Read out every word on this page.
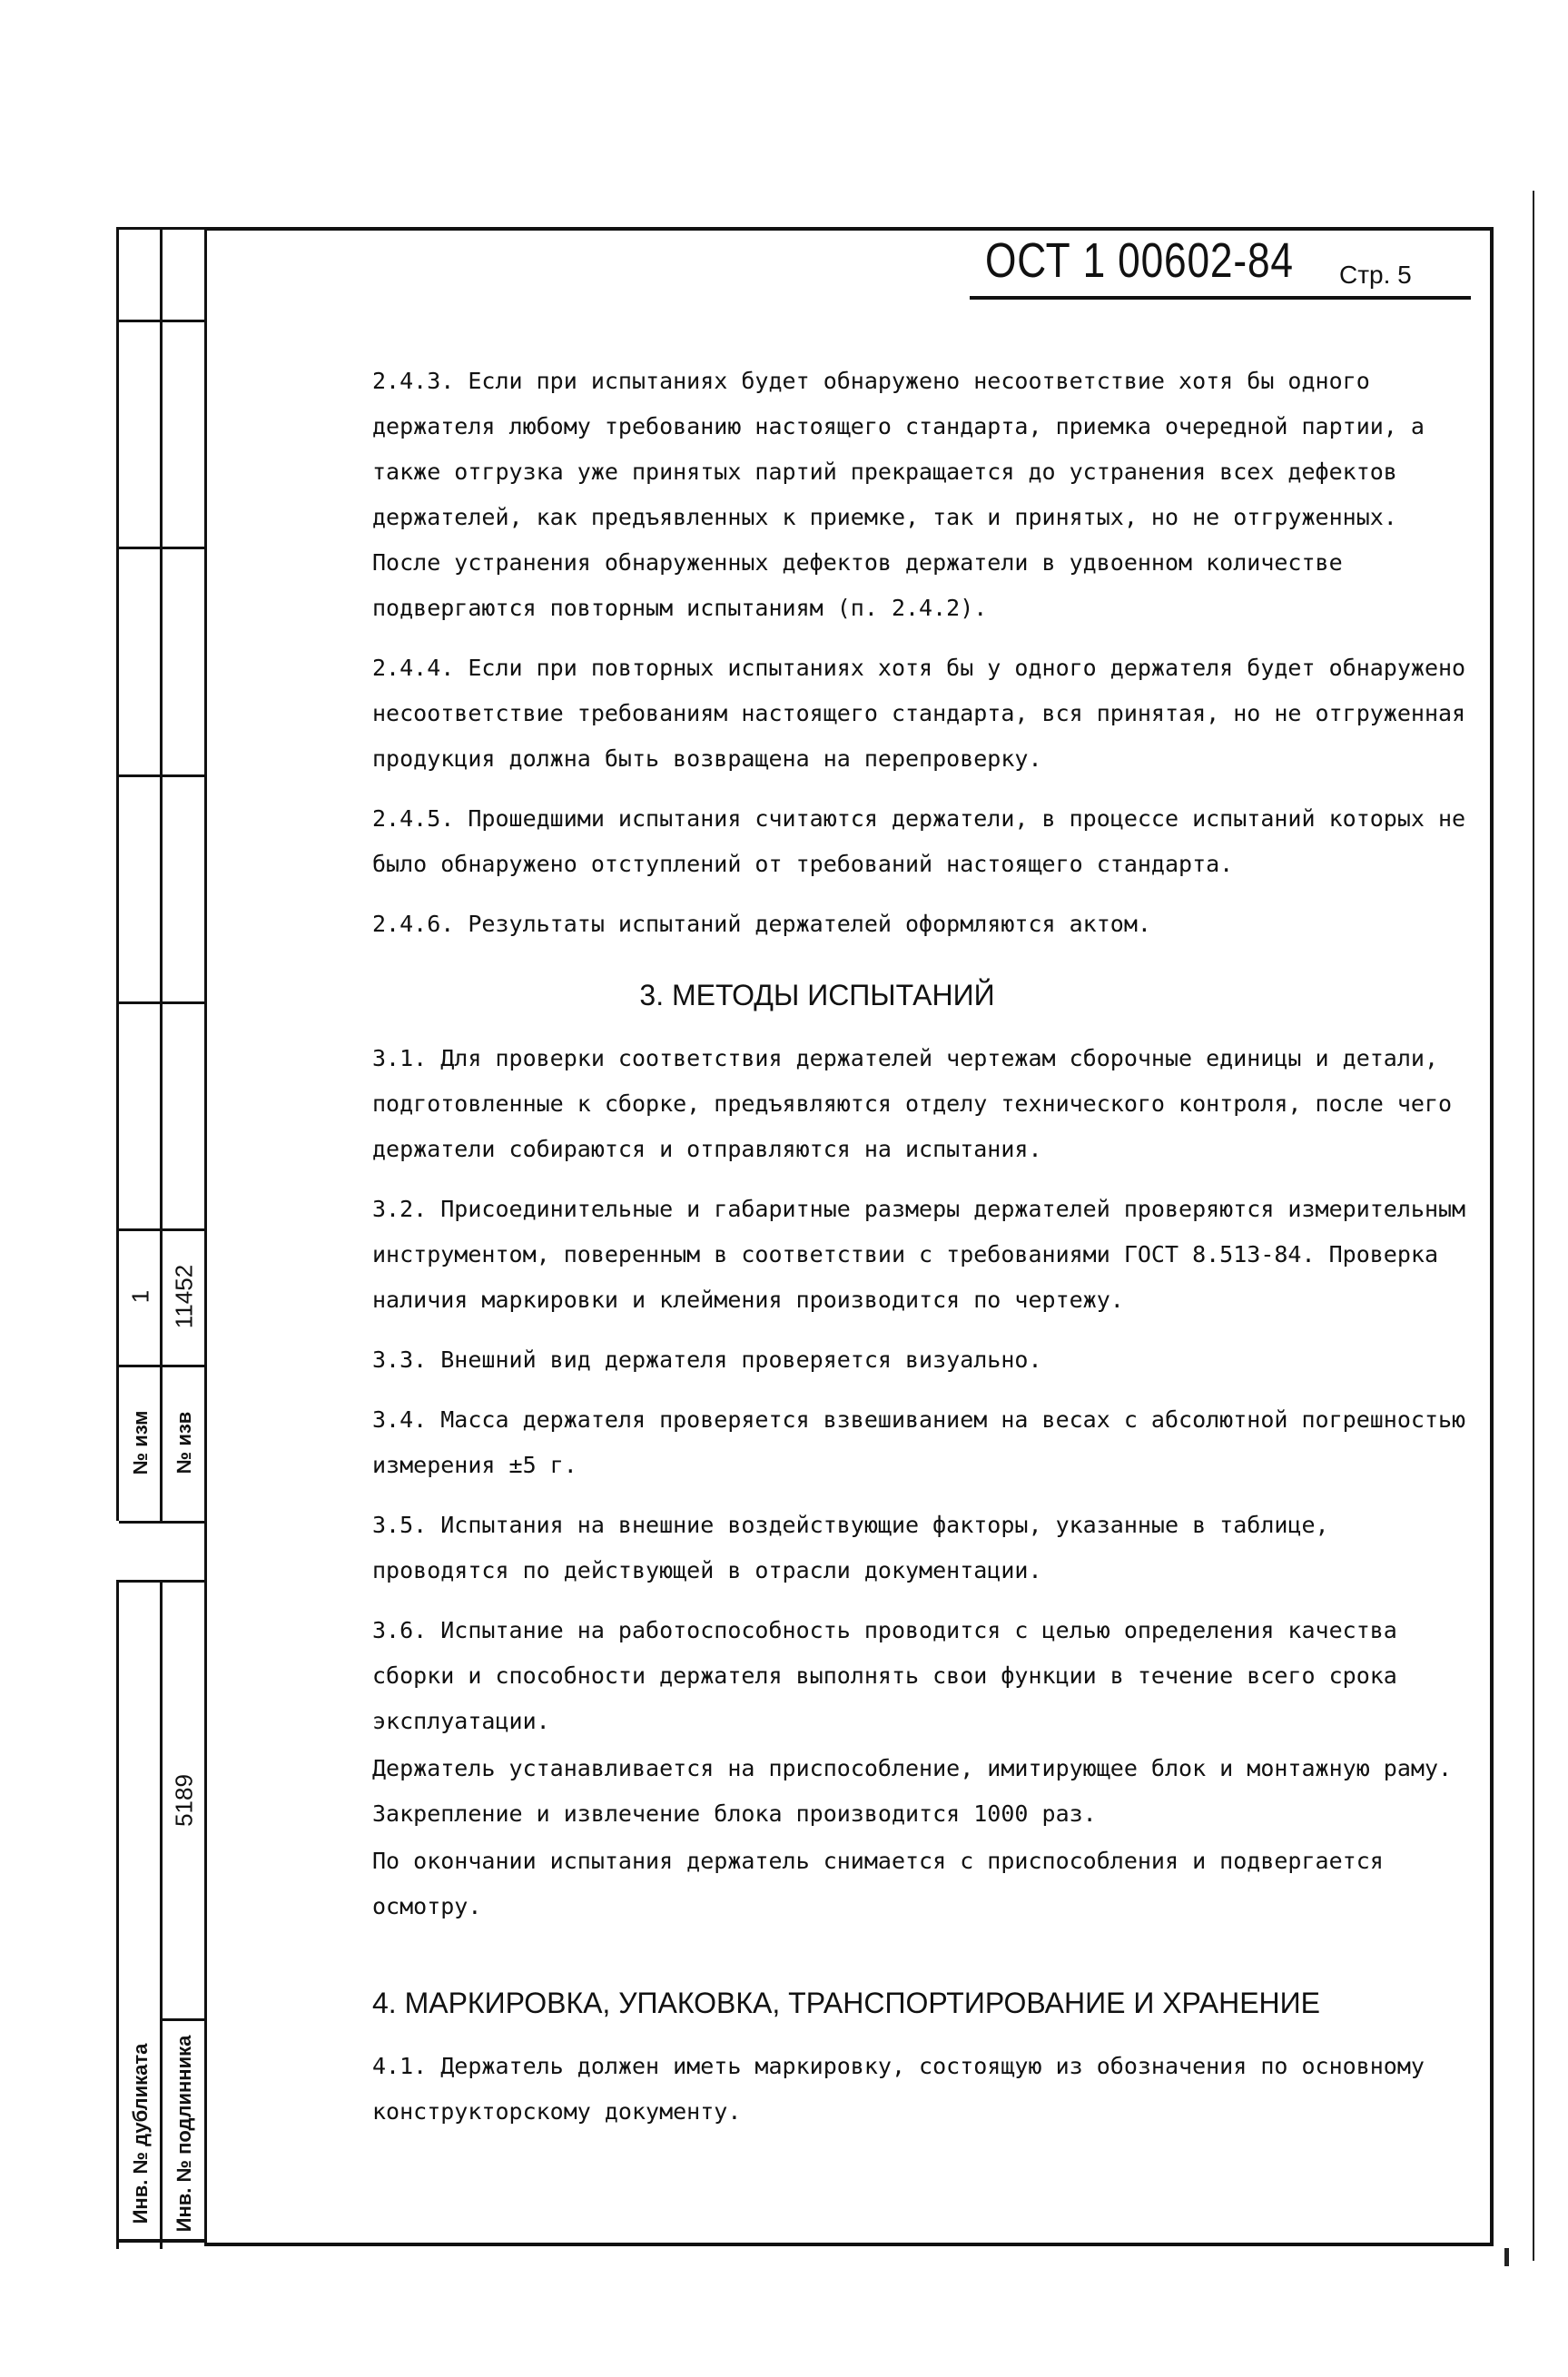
ОСТ 1 00602-84 Стр. 5

2.4.3. Если при испытаниях будет обнаружено несоответствие хотя бы одного держателя любому требованию настоящего стандарта, приемка очередной партии, а также отгрузка уже принятых партий прекращается до устранения всех дефектов держателей, как предъявленных к приемке, так и принятых, но не отгруженных. После устранения обнаруженных дефектов держатели в удвоенном количестве подвергаются повторным испытаниям (п. 2.4.2).

2.4.4. Если при повторных испытаниях хотя бы у одного держателя будет обнаружено несоответствие требованиям настоящего стандарта, вся принятая, но не отгруженная продукция должна быть возвращена на перепроверку.

2.4.5. Прошедшими испытания считаются держатели, в процессе испытаний которых не было обнаружено отступлений от требований настоящего стандарта.

2.4.6. Результаты испытаний держателей оформляются актом.

3. МЕТОДЫ ИСПЫТАНИЙ

3.1. Для проверки соответствия держателей чертежам сборочные единицы и детали, подготовленные к сборке, предъявляются отделу технического контроля, после чего держатели собираются и отправляются на испытания.

3.2. Присоединительные и габаритные размеры держателей проверяются измерительным инструментом, поверенным в соответствии с требованиями ГОСТ 8.513-84. Проверка наличия маркировки и клеймения производится по чертежу.

3.3. Внешний вид держателя проверяется визуально.

3.4. Масса держателя проверяется взвешиванием на весах с абсолютной погрешностью измерения ±5 г.

3.5. Испытания на внешние воздействующие факторы, указанные в таблице, проводятся по действующей в отрасли документации.

3.6. Испытание на работоспособность проводится с целью определения качества сборки и способности держателя выполнять свои функции в течение всего срока эксплуатации.

Держатель устанавливается на приспособление, имитирующее блок и монтажную раму. Закрепление и извлечение блока производится 1000 раз.

По окончании испытания держатель снимается с приспособления и подвергается осмотру.

4. МАРКИРОВКА, УПАКОВКА, ТРАНСПОРТИРОВАНИЕ И ХРАНЕНИЕ

4.1. Держатель должен иметь маркировку, состоящую из обозначения по основному конструкторскому документу.

1
№ изм
11452
№ изв
Инв. № дубликата
5189
Инв. № подлинника
